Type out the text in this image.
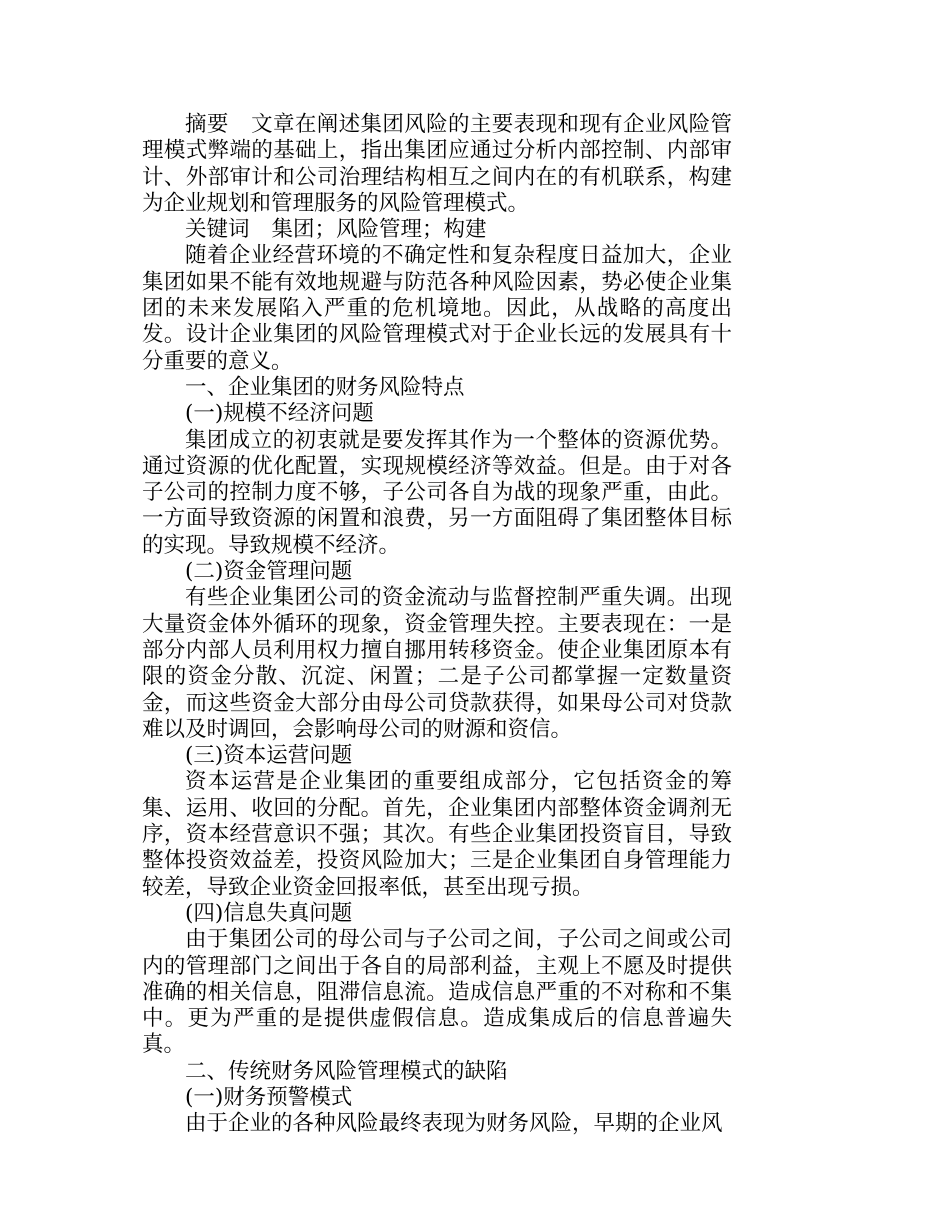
摘要 文章在阐述集团风险的主要表现和现有企业风险管理模式弊端的基础上，指出集团应通过分析内部控制、内部审计、外部审计和公司治理结构相互之间内在的有机联系，构建为企业规划和管理服务的风险管理模式。

关键词 集团；风险管理；构建

随着企业经营环境的不确定性和复杂程度日益加大，企业集团如果不能有效地规避与防范各种风险因素，势必使企业集团的未来发展陷入严重的危机境地。因此，从战略的高度出发。设计企业集团的风险管理模式对于企业长远的发展具有十分重要的意义。

一、企业集团的财务风险特点

(一)规模不经济问题

集团成立的初衷就是要发挥其作为一个整体的资源优势。通过资源的优化配置，实现规模经济等效益。但是。由于对各子公司的控制力度不够，子公司各自为战的现象严重，由此。一方面导致资源的闲置和浪费，另一方面阻碍了集团整体目标的实现。导致规模不经济。

(二)资金管理问题

有些企业集团公司的资金流动与监督控制严重失调。出现大量资金体外循环的现象，资金管理失控。主要表现在：一是部分内部人员利用权力擅自挪用转移资金。使企业集团原本有限的资金分散、沉淀、闲置；二是子公司都掌握一定数量资金，而这些资金大部分由母公司贷款获得，如果母公司对贷款难以及时调回，会影响母公司的财源和资信。

(三)资本运营问题

资本运营是企业集团的重要组成部分，它包括资金的筹集、运用、收回的分配。首先，企业集团内部整体资金调剂无序，资本经营意识不强；其次。有些企业集团投资盲目，导致整体投资效益差，投资风险加大；三是企业集团自身管理能力较差，导致企业资金回报率低，甚至出现亏损。

(四)信息失真问题

由于集团公司的母公司与子公司之间，子公司之间或公司内的管理部门之间出于各自的局部利益，主观上不愿及时提供准确的相关信息，阻滞信息流。造成信息严重的不对称和不集中。更为严重的是提供虚假信息。造成集成后的信息普遍失真。

二、传统财务风险管理模式的缺陷

(一)财务预警模式

由于企业的各种风险最终表现为财务风险，早期的企业风
